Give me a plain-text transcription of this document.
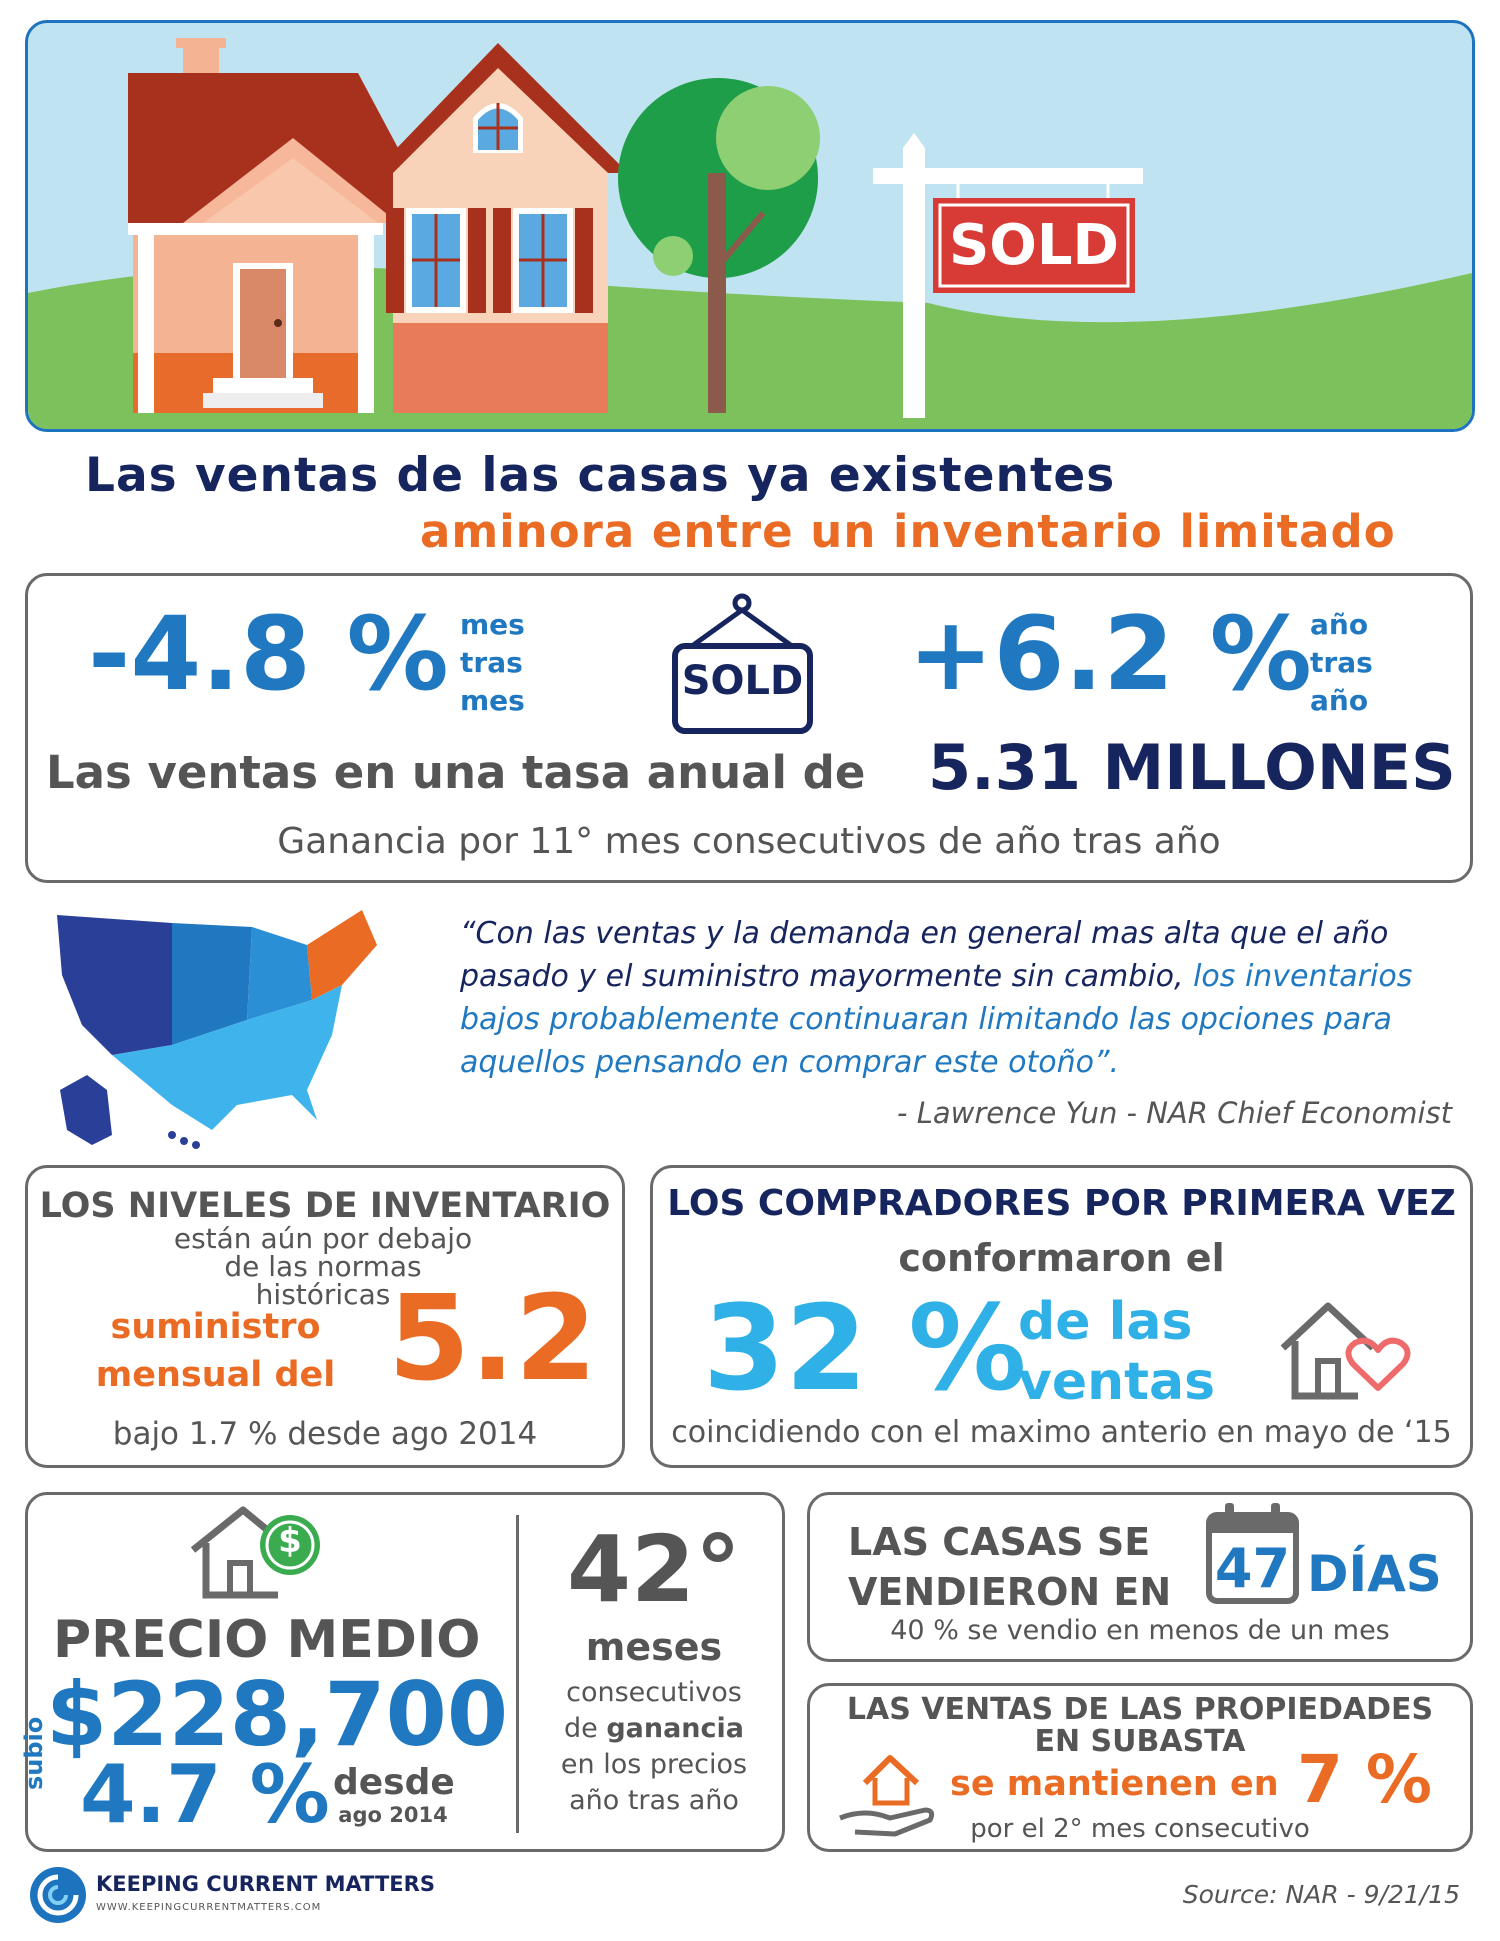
SOLD
Las ventas de las casas ya existentes
aminora entre un inventario limitado
-4.8 % mes
tras
mes	SOLD +6.2 %
año
tras
año
Las ventas en una tasa anual de 5.31 MILLONES
Ganancia por 11° mes consecutivos de año tras año
“Con las ventas y la demanda en general mas alta que el año pasado y el suministro mayormente sin cambio, los inventarios bajos probablemente continuaran limitando las opciones para aquellos pensando en comprar este otoño”.
- Lawrence Yun - NAR Chief Economist
LOS NIVELES DE INVENTARIO
están aún por debajo de las normas históricas
suministro
mensual del 5.2
bajo 1.7 % desde ago 2014
LOS COMPRADORES POR PRIMERA VEZ
conformaron el
32 %
de las
ventas
coincidiendo con el maximo anterio en mayo de ‘15
$
PRECIO MEDIO
$228,700
subio 4.7 % desde
ago 2014
42°
meses
consecutivos
de ganancia
en los precios
año tras año
LAS CASAS SE
VENDIERON EN 47 DÍAS
40 % se vendio en menos de un mes
LAS VENTAS DE LAS PROPIEDADES
EN SUBASTA
se mantienen en 7 %
por el 2° mes consecutivo
KEEPING CURRENT MATTERS
WWW.KEEPINGCURRENTMATTERS.COM	Source: NAR - 9/21/15
